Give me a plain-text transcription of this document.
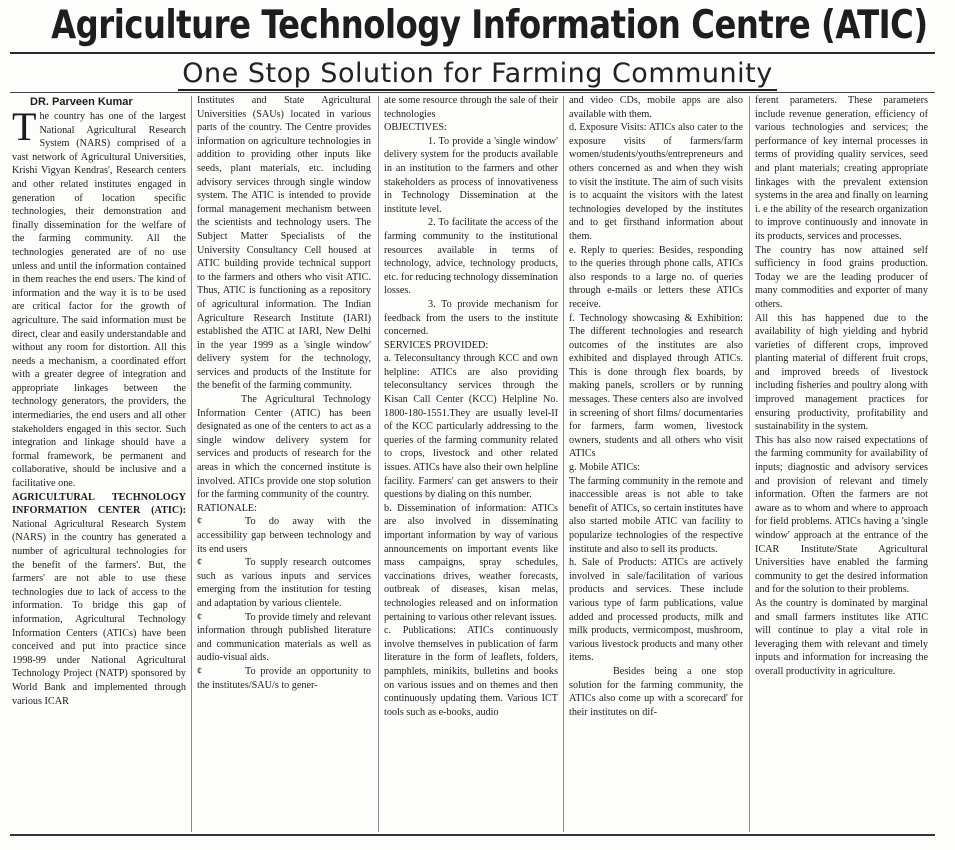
Agriculture Technology Information Centre (ATIC)
One Stop Solution for Farming Community

DR. Parveen Kumar

The country has one of the largest National Agricultural Research System (NARS) comprised of a vast network of Agricultural Universities, Krishi Vigyan Kendras', Research centers and other related institutes engaged in generation of location specific technologies, their demonstration and finally dissemination for the welfare of the farming community. All the technologies generated are of no use unless and until the information contained in them reaches the end users. The kind of information and the way it is to be used are critical factor for the growth of agriculture. The said information must be direct, clear and easily understandable and without any room for distortion. All this needs a mechanism, a coordinated effort with a greater degree of integration and appropriate linkages between the technology generators, the providers, the intermediaries, the end users and all other stakeholders engaged in this sector. Such integration and linkage should have a formal framework, be permanent and collaborative, should be inclusive and a facilitative one.

AGRICULTURAL TECHNOLOGY INFORMATION CENTER (ATIC): National Agricultural Research System (NARS) in the country has generated a number of agricultural technologies for the benefit of the farmers'. But, the farmers' are not able to use these technologies due to lack of access to the information. To bridge this gap of information, Agricultural Technology Information Centers (ATICs) have been conceived and put into practice since 1998-99 under National Agricultural Technology Project (NATP) sponsored by World Bank and implemented through various ICAR

Institutes and State Agricultural Universities (SAUs) located in various parts of the country. The Centre provides information on agriculture technologies in addition to providing other inputs like seeds, plant materials, etc. including advisory services through single window system. The ATIC is intended to provide formal management mechanism between the scientists and technology users. The Subject Matter Specialists of the University Consultancy Cell housed at ATIC building provide technical support to the farmers and others who visit ATIC. Thus, ATIC is functioning as a repository of agricultural information. The Indian Agriculture Research Institute (IARI) established the ATIC at IARI, New Delhi in the year 1999 as a 'single window' delivery system for the technology, services and products of the Institute for the benefit of the farming community.

The Agricultural Technology Information Center (ATIC) has been designated as one of the centers to act as a single window delivery system for services and products of research for the areas in which the concerned institute is involved. ATICs provide one stop solution for the farming community of the country.

RATIONALE:

¢	To do away with the accessibility gap between technology and its end users

¢	To supply research outcomes such as various inputs and services emerging from the institution for testing and adaptation by various clientele.

¢	To provide timely and relevant information through published literature and communication materials as well as audio-visual aids.

¢	To provide an opportunity to the institutes/SAU/s to gener-

ate some resource through the sale of their technologies

OBJECTIVES:

1. To provide a 'single window' delivery system for the products available in an institution to the farmers and other stakeholders as process of innovativeness in Technology Dissemination at the institute level.

2. To facilitate the access of the farming community to the institutional resources available in terms of technology, advice, technology products, etc. for reducing technology dissemination losses.

3. To provide mechanism for feedback from the users to the institute concerned.

SERVICES PROVIDED:

a. Teleconsultancy through KCC and own helpline: ATICs are also providing teleconsultancy services through the Kisan Call Center (KCC) Helpline No. 1800-180-1551.They are usually level-II of the KCC particularly addressing to the queries of the farming community related to crops, livestock and other related issues. ATICs have also their own helpline facility. Farmers' can get answers to their questions by dialing on this number.

b. Dissemination of information: ATICs are also involved in disseminating important information by way of various announcements on important events like mass campaigns, spray schedules, vaccinations drives, weather forecasts, outbreak of diseases, kisan melas, technologies released and on information pertaining to various other relevant issues.

c. Publications: ATICs continuously involve themselves in publication of farm literature in the form of leaflets, folders, pamphlets, minikits, bulletins and books on various issues and on themes and then continuously updating them. Various ICT tools such as e-books, audio

and video CDs, mobile apps are also available with them.

d. Exposure Visits: ATICs also cater to the exposure visits of farmers/farm women/students/youths/entrepreneurs and others concerned as and when they wish to visit the institute. The aim of such visits is to acquaint the visitors with the latest technologies developed by the institutes and to get firsthand information about them.

e. Reply to queries: Besides, responding to the queries through phone calls, ATICs also responds to a large no. of queries through e-mails or letters these ATICs receive.

f. Technology showcasing & Exhibition: The different technologies and research outcomes of the institutes are also exhibited and displayed through ATICs. This is done through flex boards, by making panels, scrollers or by running messages. These centers also are involved in screening of short films/ documentaries for farmers, farm women, livestock owners, students and all others who visit ATICs

g. Mobile ATICs:

The farming community in the remote and inaccessible areas is not able to take benefit of ATICs, so certain institutes have also started mobile ATIC van facility to popularize technologies of the respective institute and also to sell its products.

h. Sale of Products: ATICs are actively involved in sale/facilitation of various products and services. These include various type of farm publications, value added and processed products, milk and milk products, vermicompost, mushroom, various livestock products and many other items.

Besides being a one stop solution for the farming community, the ATICs also come up with a scorecard' for their institutes on dif-

ferent parameters. These parameters include revenue generation, efficiency of various technologies and services; the performance of key internal processes in terms of providing quality services, seed and plant materials; creating appropriate linkages with the prevalent extension systems in the area and finally on learning i. e the ability of the research organization to improve continuously and innovate in its products, services and processes.

The country has now attained self sufficiency in food grains production. Today we are the leading producer of many commodities and exporter of many others.

All this has happened due to the availability of high yielding and hybrid varieties of different crops, improved planting material of different fruit crops, and improved breeds of livestock including fisheries and poultry along with improved management practices for ensuring productivity, profitability and sustainability in the system.

This has also now raised expectations of the farming community for availability of inputs; diagnostic and advisory services and provision of relevant and timely information. Often the farmers are not aware as to whom and where to approach for field problems. ATICs having a 'single window' approach at the entrance of the ICAR Institute/State Agricultural Universities have enabled the farming community to get the desired information and for the solution to their problems.

As the country is dominated by marginal and small farmers institutes like ATIC will continue to play a vital role in leveraging them with relevant and timely inputs and information for increasing the overall productivity in agriculture.
